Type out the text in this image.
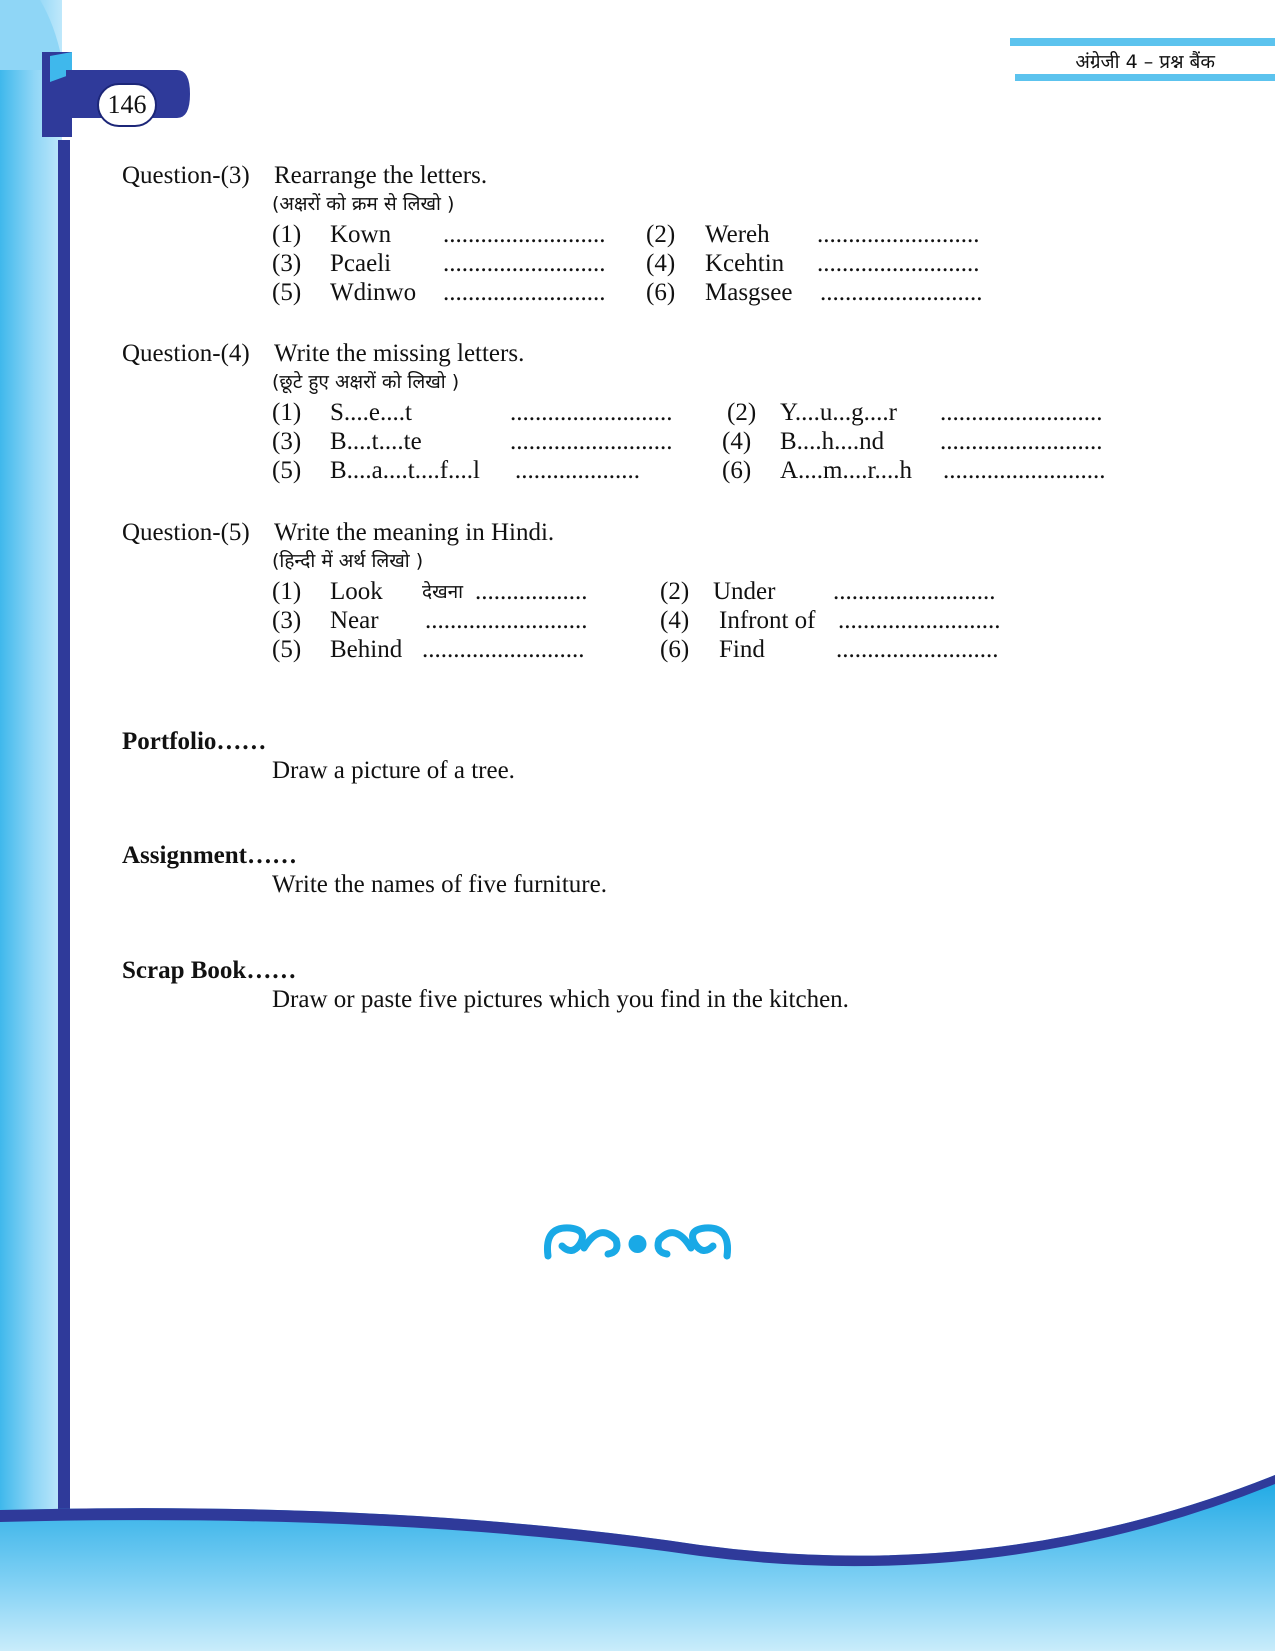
146
अंग्रेजी 4 – प्रश्न बैंक
Question-(3) Rearrange the letters.
(अक्षरों को क्रम से लिखो )
(1) Kown .......................... (2) Wereh ..........................
(3) Pcaeli .......................... (4) Kcehtin ..........................
(5) Wdinwo .......................... (6) Masgsee ..........................
Question-(4) Write the missing letters.
(छूटे हुए अक्षरों को लिखो )
(1) S....e....t	.......................... (2) Y....u...g....r ..........................
(3) B....t....te	.......................... (4) B....h....nd ..........................
(5) B....a....t....f....l ....................	(6) A....m....r....h ..........................
Question-(5) Write the meaning in Hindi.
(हिन्दी में अर्थ लिखो )
(1) Look देखना ..................	(2) Under ..........................
(3) Near ..........................	(4) Infront of ..........................
(5) Behind ..........................	(6) Find	..........................
Portfolio……
Draw a picture of a tree.
Assignment……
Write the names of five furniture.
Scrap Book……
Draw or paste five pictures which you find in the kitchen.
